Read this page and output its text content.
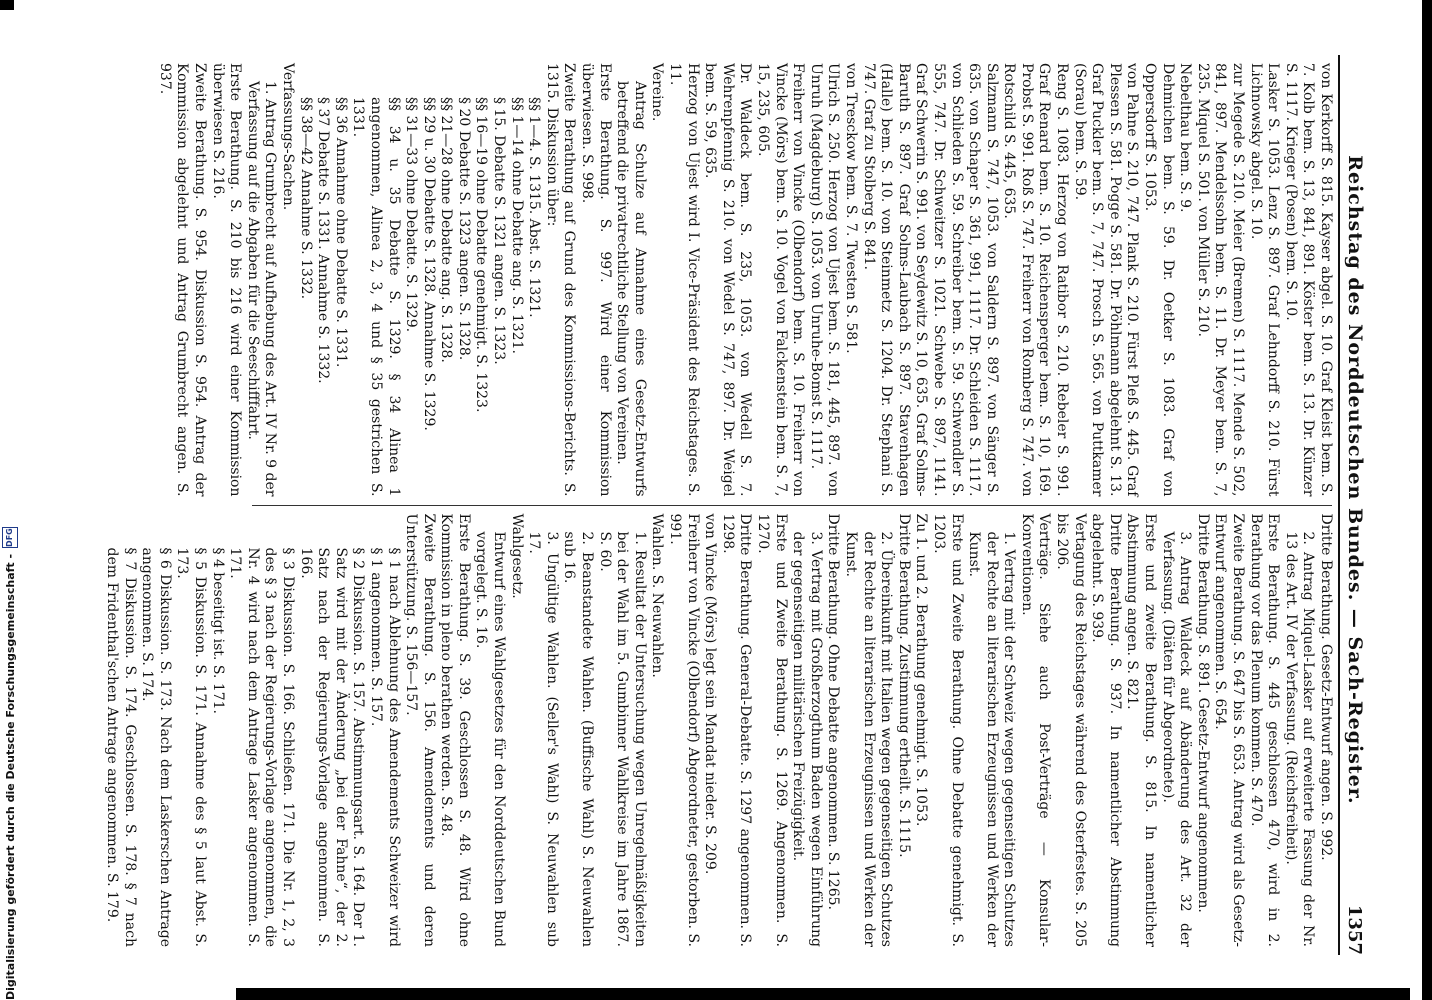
Digitalisierung gefördert durch die Deutsche Forschungsgemeinschaft -
DFG	Reichstag des Norddeutschen Bundes. — Sach-Register.
1357
von Kerkorff S. 815. Kayser abgel. S. 10. Graf Kleist bem. S. 7. Kolb bem. S. 13, 841, 891. Köster bem. S. 13. Dr. Künzer S. 1117. Krieger (Posen) bem. S. 10.
Lasker S. 1053. Lenz S. 897. Graf Lehndorff S. 210. Fürst Lichnowsky abgel. S. 10.
zur Megede S. 210. Meier (Bremen) S. 1117. Mende S. 502, 841, 897. Mendelssohn bem. S. 11. Dr. Meyer bem. S. 7, 235. Miquel S. 501. von Müller S. 210.
Nebelthau bem. S. 9.
Dehmichen bem. S. 59. Dr. Oetker S. 1083. Graf von Oppersdorff S. 1053.
von Pahne S. 210, 747. Plank S. 210. Fürst Pleß S. 445. Graf Plessen S. 581. Pogge S. 581. Dr. Pöhlmann abgelehnt S. 13. Graf Puckler bem. S. 7, 747. Prosch S. 565. von Puttkamer (Sorau) bem. S. 59.
Reng S. 1083. Herzog von Ratibor S. 210. Rebeler S. 991. Graf Renard bem. S. 10. Reichensperger bem. S. 10, 169. Probst S. 991. Roß S. 747. Freiherr von Romberg S. 747. von Rotschild S. 445, 635.
Salzmann S. 747, 1053. von Saldern S. 897. von Sänger S. 635. von Schaper S. 361, 991, 1117. Dr. Schleiden S. 1117. von Schlieden S. 59. Schreiber bem. S. 59. Schwendler S. 555, 747. Dr. Schweitzer S. 1021. Schwebe S. 897, 1141. Graf Schwerin S. 991. von Seydewitz S. 10, 635. Graf Solms-Baruth S. 897. Graf Solms-Laubach S. 897. Stavenhagen (Halle) bem. S. 10. von Steinmetz S. 1204. Dr. Stephani S. 747. Graf zu Stolberg S. 841.
von Tresckow bem. S. 7. Twesten S. 581.
Ulrich S. 250. Herzog von Ujest bem. S. 181, 445, 897. von Unruh (Magdeburg) S. 1053. von Unruhe-Bomst S. 1117.
Freiherr von Vincke (Olbendorf) bem. S. 10. Freiherr von Vincke (Mörs) bem. S. 10. Vogel von Falckenstein bem. S. 7, 15, 235, 605.
Dr. Waldeck bem. S. 235, 1053. von Wedell S. 7. Wehrenpfennig S. 210. von Wedel S. 747, 897. Dr. Weigel bem. S. 59, 635.
Herzog von Ujest wird I. Vice-Präsident des Reichstages. S. 11.
Vereine.
Antrag Schulze auf Annahme eines Gesetz-Entwurfs betreffend die privatrechtliche Stellung von Vereinen.
Erste Berathung. S. 997. Wird einer Kommission überwiesen. S. 998.
Zweite Berathung auf Grund des Kommissions-Berichts. S. 1315. Diskussion über:
§§ 1—4. S. 1315. Abst. S. 1321.
§§ 1—14 ohne Debatte ang. S. 1321.
§ 15. Debatte S. 1321 angen. S. 1323.
§§ 16—19 ohne Debatte genehmigt. S. 1323.
§ 20 Debatte S. 1323 angen. S. 1328.
§§ 21—28 ohne Debatte ang. S. 1328.
§§ 29 u. 30 Debatte S. 1328. Annahme S. 1329.
§§ 31—33 ohne Debatte. S. 1329.
§§ 34 u. 35 Debatte S. 1329. § 34 Alinea 1 angenommen, Alinea 2, 3, 4 und § 35 gestrichen S. 1331.
§§ 36 Annahme ohne Debatte S. 1331.
§ 37 Debatte S. 1331. Annahme S. 1332.
§§ 38—42 Annahme S. 1332.
Verfassungs-Sachen.
1. Antrag Grumbrecht auf Aufhebung des Art. IV Nr. 9 der Verfassung auf die Abgaben für die Seeschifffahrt.
Erste Berathung. S. 210 bis 216 wird einer Kommission überwiesen S. 216.
Zweite Berathung. S. 954. Diskussion S. 954. Antrag der Kommission abgelehnt und Antrag Grumbrecht angen. S. 937.
Dritte Berathung. Gesetz-Entwurf angen. S. 992.
2. Antrag Miquel-Lasker auf erweiterte Fassung der Nr. 13 des Art. IV der Verfassung. (Reichsfreiheit).
Erste Berathung. S. 445 geschlossen 470, wird in 2. Berathung vor das Plenum kommen. S. 470.
Zweite Berathung. S. 647 bis S. 653. Antrag wird als Gesetz-Entwurf angenommen. S. 654.
Dritte Berathung. S. 891. Gesetz-Entwurf angenommen.
3. Antrag Waldeck auf Abänderung des Art. 32 der Verfassung. (Diäten für Abgeordnete).
Erste und zweite Berathung. S. 815. In namentlicher Abstimmung angen. S. 821.
Dritte Berathung. S. 937. In namentlicher Abstimmung abgelehnt. S. 939.
Vertagung des Reichstages während des Osterfestes. S. 205 bis 206.
Verträge. Siehe auch Post-Verträge — Konsular-Konventionen.
1. Vertrag mit der Schweiz wegen gegenseitigen Schutzes der Rechte an literarischen Erzeugnissen und Werken der Kunst.
Erste und Zweite Berathung. Ohne Debatte genehmigt. S. 1203.
Zu 1. und 2. Berathung genehmigt. S. 1053.
Dritte Berathung. Zustimmung ertheilt. S. 1115.
2. Übereinkunft mit Italien wegen gegenseitigen Schutzes der Rechte an literarischen Erzeugnissen und Werken der Kunst.
Dritte Berathung. Ohne Debatte angenommen. S. 1265.
3. Vertrag mit Großherzogthum Baden wegen Einführung der gegenseitigen militärischen Freizügigkeit.
Erste und Zweite Berathung. S. 1269. Angenommen. S. 1270.
Dritte Berathung. General-Debatte. S. 1297 angenommen. S. 1298.
von Vincke (Mörs) legt sein Mandat nieder. S. 209.
Freiherr von Vincke (Olbendorf) Abgeordneter, gestorben. S. 991.
Wahlen. S. Neuwahlen.
1. Resultat der Untersuchung wegen Unregelmäßigkeiten bei der Wahl im 5. Gumbinner Wahlkreise im Jahre 1867. S. 60.
2. Beanstandete Wahlen. (Buffische Wahl) S. Neuwahlen sub 16.
3. Ungültige Wahlen. (Seller's Wahl) S. Neuwahlen sub 17.
Wahlgesetz.
Entwurf eines Wahlgesetzes für den Norddeutschen Bund vorgelegt. S. 16.
Erste Berathung. S. 39. Geschlossen S. 48. Wird ohne Kommission in pleno berathen werden. S. 48.
Zweite Berathung. S. 156. Amendements und deren Unterstützung. S. 156—157.
§ 1 nach Ablehnung des Amendements Schweizer wird § 1 angenommen. S. 157.
§ 2 Diskussion. S. 157. Abstimmungsart. S. 164. Der 1. Satz wird mit der Änderung „bei der Fahne“, der 2. Satz nach der Regierungs-Vorlage angenommen. S. 166.
§ 3 Diskussion. S. 166. Schließen. 171. Die Nr. 1, 2, 3 des § 3 nach der Regierungs-Vorlage angenommen, die Nr. 4 wird nach dem Antrage Lasker angenommen. S. 171.
§ 4 beseitigt ist. S. 171.
§ 5 Diskussion. S. 171. Annahme des § 5 laut Abst. S. 173.
§ 6 Diskussion. S. 173. Nach dem Laskerschen Antrage angenommen. S. 174.
§ 7 Diskussion. S. 174. Geschlossen. S. 178. § 7 nach dem Fridenthal'schen Antrage angenommen. S. 179.
